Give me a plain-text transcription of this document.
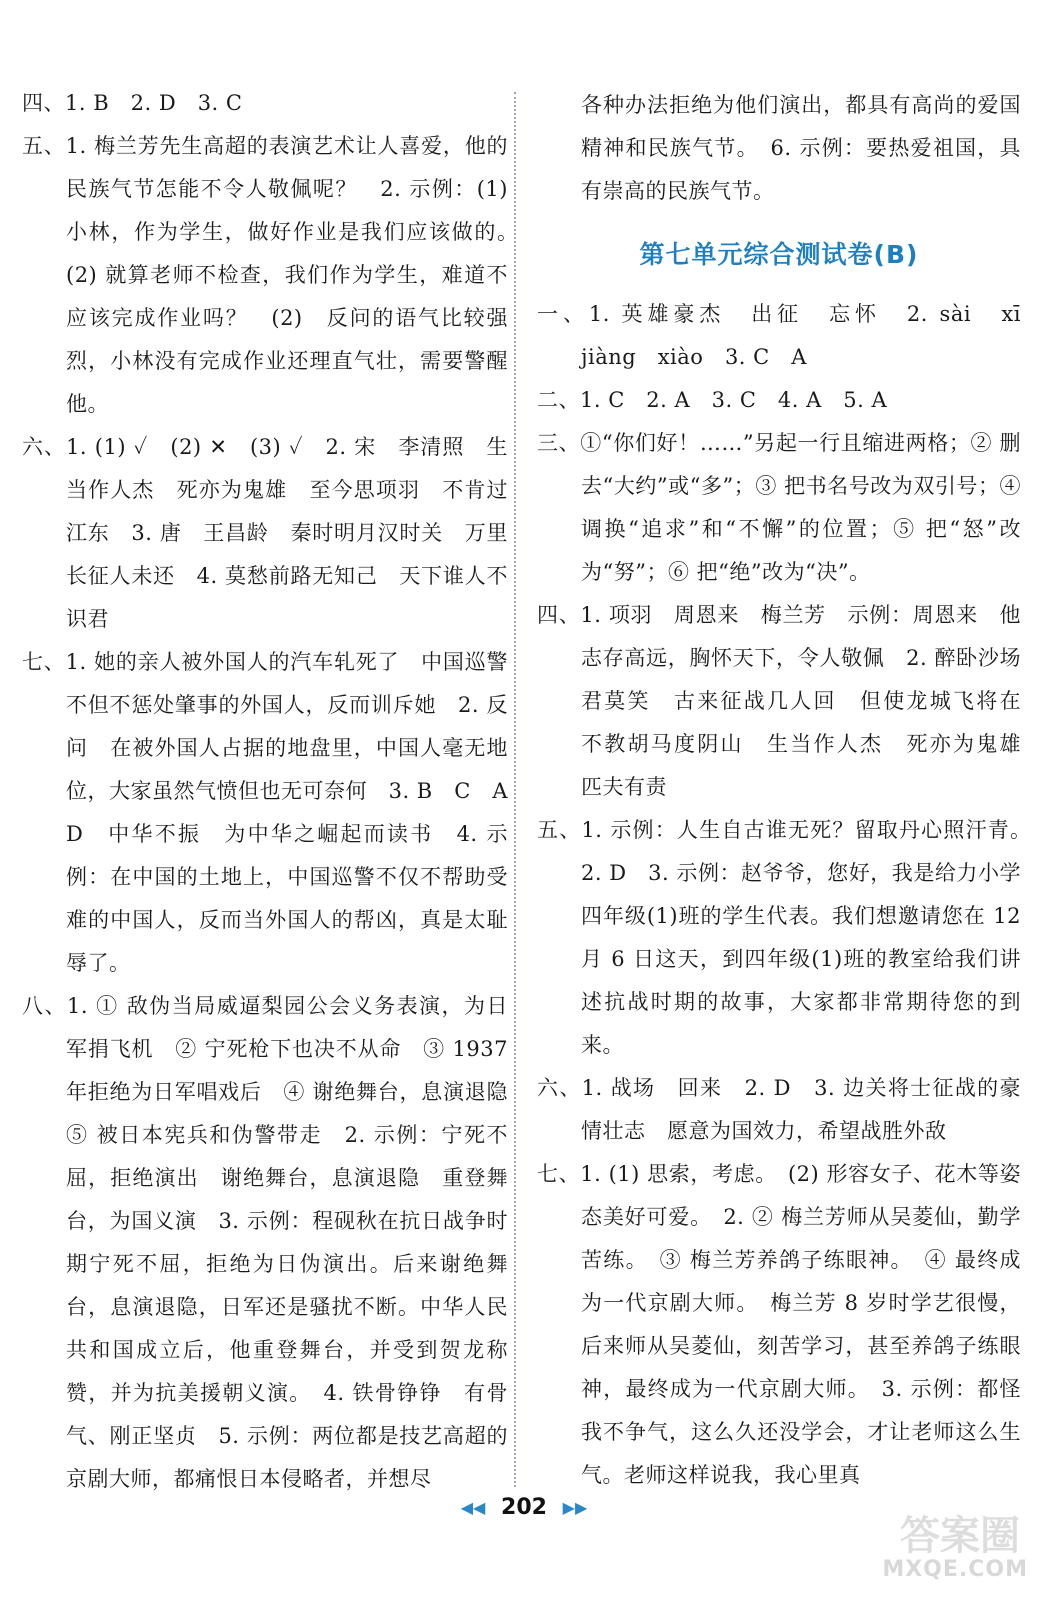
四、1. B　2. D　3. C

五、1. 梅兰芳先生高超的表演艺术让人喜爱，他的民族气节怎能不令人敬佩呢？　2. 示例：(1) 小林，作为学生，做好作业是我们应该做的。　(2) 就算老师不检查，我们作为学生，难道不应该完成作业吗？　(2)　反问的语气比较强烈，小林没有完成作业还理直气壮，需要警醒他。

六、1. (1) ✓　(2) ✕　(3) ✓　2. 宋　李清照　生当作人杰　死亦为鬼雄　至今思项羽　不肯过江东　3. 唐　王昌龄　秦时明月汉时关　万里长征人未还　4. 莫愁前路无知己　天下谁人不识君

七、1. 她的亲人被外国人的汽车轧死了　中国巡警不但不惩处肇事的外国人，反而训斥她　2. 反问　在被外国人占据的地盘里，中国人毫无地位，大家虽然气愤但也无可奈何　3. B　C　A　D　中华不振　为中华之崛起而读书　4. 示例：在中国的土地上，中国巡警不仅不帮助受难的中国人，反而当外国人的帮凶，真是太耻辱了。

八、1. ① 敌伪当局威逼梨园公会义务表演，为日军捐飞机　② 宁死枪下也决不从命　③ 1937年拒绝为日军唱戏后　④ 谢绝舞台，息演退隐　⑤ 被日本宪兵和伪警带走　2. 示例：宁死不屈，拒绝演出　谢绝舞台，息演退隐　重登舞台，为国义演　3. 示例：程砚秋在抗日战争时期宁死不屈，拒绝为日伪演出。后来谢绝舞台，息演退隐，日军还是骚扰不断。中华人民共和国成立后，他重登舞台，并受到贺龙称赞，并为抗美援朝义演。　4. 铁骨铮铮　有骨气、刚正坚贞　5. 示例：两位都是技艺高超的京剧大师，都痛恨日本侵略者，并想尽

各种办法拒绝为他们演出，都具有高尚的爱国精神和民族气节。　6. 示例：要热爱祖国，具有崇高的民族气节。

第七单元综合测试卷(B)

一、1. 英雄豪杰　出征　忘怀　2. sài　xī　jiàng　xiào　3. C　A

二、1. C　2. A　3. C　4. A　5. A

三、①“你们好！……”另起一行且缩进两格；② 删去“大约”或“多”；③ 把书名号改为双引号；④ 调换“追求”和“不懈”的位置；⑤ 把“怒”改为“努”；⑥ 把“绝”改为“决”。

四、1. 项羽　周恩来　梅兰芳　示例：周恩来　他志存高远，胸怀天下，令人敬佩　2. 醉卧沙场君莫笑　古来征战几人回　但使龙城飞将在　不教胡马度阴山　生当作人杰　死亦为鬼雄　匹夫有责

五、1. 示例：人生自古谁无死？留取丹心照汗青。　2. D　3. 示例：赵爷爷，您好，我是给力小学四年级(1)班的学生代表。我们想邀请您在 12 月 6 日这天，到四年级(1)班的教室给我们讲述抗战时期的故事，大家都非常期待您的到来。

六、1. 战场　回来　2. D　3. 边关将士征战的豪情壮志　愿意为国效力，希望战胜外敌

七、1. (1) 思索，考虑。　(2) 形容女子、花木等姿态美好可爱。　2. ② 梅兰芳师从吴菱仙，勤学苦练。　③ 梅兰芳养鸽子练眼神。　④ 最终成为一代京剧大师。　梅兰芳 8 岁时学艺很慢，后来师从吴菱仙，刻苦学习，甚至养鸽子练眼神，最终成为一代京剧大师。　3. 示例：都怪我不争气，这么久还没学会，才让老师这么生气。老师这样说我，我心里真

◀◀ 202 ▶▶
答案圈
MXQE.COM
